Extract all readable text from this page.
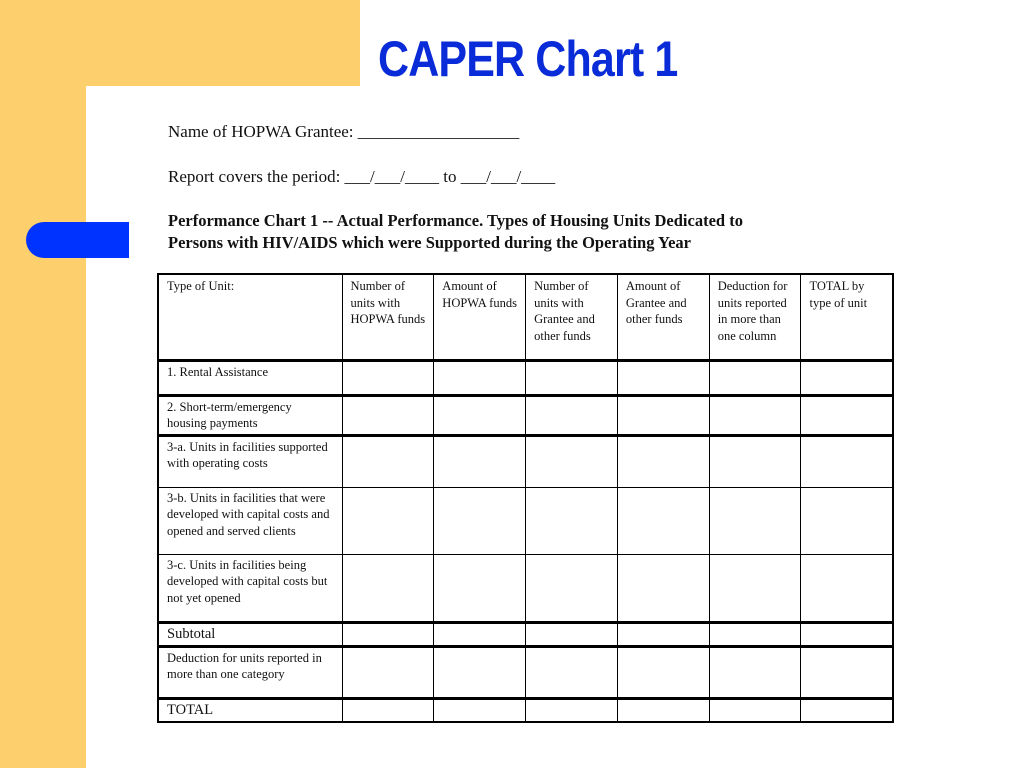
CAPER Chart 1
Name of HOPWA Grantee: ___________________
Report covers the period: ___/___/____ to ___/___/____
Performance Chart 1 -- Actual Performance. Types of Housing Units Dedicated to
Persons with HIV/AIDS which were Supported during the Operating Year
Type of Unit:	Number of units with HOPWA funds	Amount of HOPWA funds	Number of units with Grantee and other funds	Amount of Grantee and other funds	Deduction for units reported in more than one column	TOTAL by type of unit
1. Rental Assistance						
2. Short-term/emergency housing payments						
3-a. Units in facilities supported with operating costs						
3-b. Units in facilities that were developed with capital costs and opened and served clients						
3-c. Units in facilities being developed with capital costs but not yet opened						
Subtotal						
Deduction for units reported in more than one category						
TOTAL						
